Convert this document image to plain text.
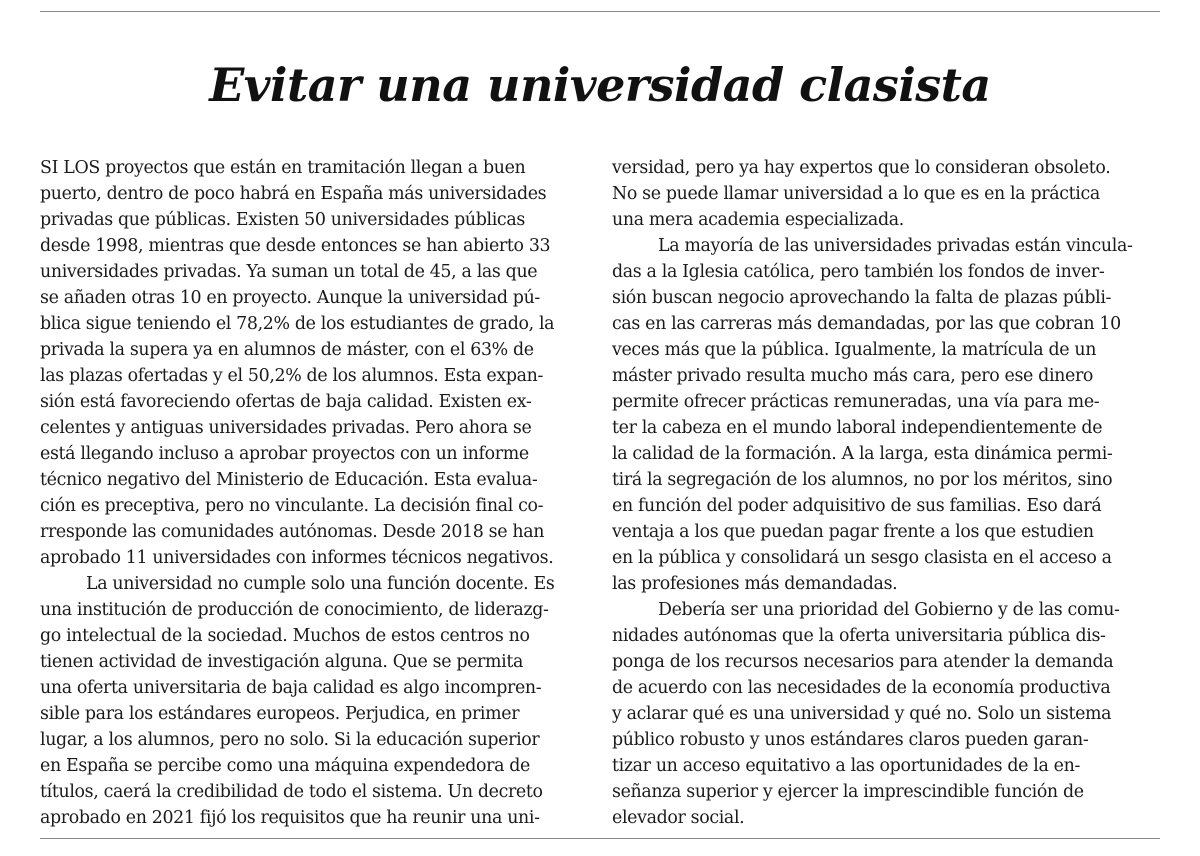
Evitar una universidad clasista
SI LOS proyectos que están en tramitación llegan a buen
puerto, dentro de poco habrá en España más universidades
privadas que públicas. Existen 50 universidades públicas
desde 1998, mientras que desde entonces se han abierto 33
universidades privadas. Ya suman un total de 45, a las que
se añaden otras 10 en proyecto. Aunque la universidad pú-
blica sigue teniendo el 78,2% de los estudiantes de grado, la
privada la supera ya en alumnos de máster, con el 63% de
las plazas ofertadas y el 50,2% de los alumnos. Esta expan-
sión está favoreciendo ofertas de baja calidad. Existen ex-
celentes y antiguas universidades privadas. Pero ahora se
está llegando incluso a aprobar proyectos con un informe
técnico negativo del Ministerio de Educación. Esta evalua-
ción es preceptiva, pero no vinculante. La decisión final co-
rresponde las comunidades autónomas. Desde 2018 se han
aprobado 11 universidades con informes técnicos negativos.
La universidad no cumple solo una función docente. Es
una institución de producción de conocimiento, de liderazg-
go intelectual de la sociedad. Muchos de estos centros no
tienen actividad de investigación alguna. Que se permita
una oferta universitaria de baja calidad es algo incompren-
sible para los estándares europeos. Perjudica, en primer
lugar, a los alumnos, pero no solo. Si la educación superior
en España se percibe como una máquina expendedora de
títulos, caerá la credibilidad de todo el sistema. Un decreto
aprobado en 2021 fijó los requisitos que ha reunir una uni-
versidad, pero ya hay expertos que lo consideran obsoleto.
No se puede llamar universidad a lo que es en la práctica
una mera academia especializada.
La mayoría de las universidades privadas están vincula-
das a la Iglesia católica, pero también los fondos de inver-
sión buscan negocio aprovechando la falta de plazas públi-
cas en las carreras más demandadas, por las que cobran 10
veces más que la pública. Igualmente, la matrícula de un
máster privado resulta mucho más cara, pero ese dinero
permite ofrecer prácticas remuneradas, una vía para me-
ter la cabeza en el mundo laboral independientemente de
la calidad de la formación. A la larga, esta dinámica permi-
tirá la segregación de los alumnos, no por los méritos, sino
en función del poder adquisitivo de sus familias. Eso dará
ventaja a los que puedan pagar frente a los que estudien
en la pública y consolidará un sesgo clasista en el acceso a
las profesiones más demandadas.
Debería ser una prioridad del Gobierno y de las comu-
nidades autónomas que la oferta universitaria pública dis-
ponga de los recursos necesarios para atender la demanda
de acuerdo con las necesidades de la economía productiva
y aclarar qué es una universidad y qué no. Solo un sistema
público robusto y unos estándares claros pueden garan-
tizar un acceso equitativo a las oportunidades de la en-
señanza superior y ejercer la imprescindible función de
elevador social.
